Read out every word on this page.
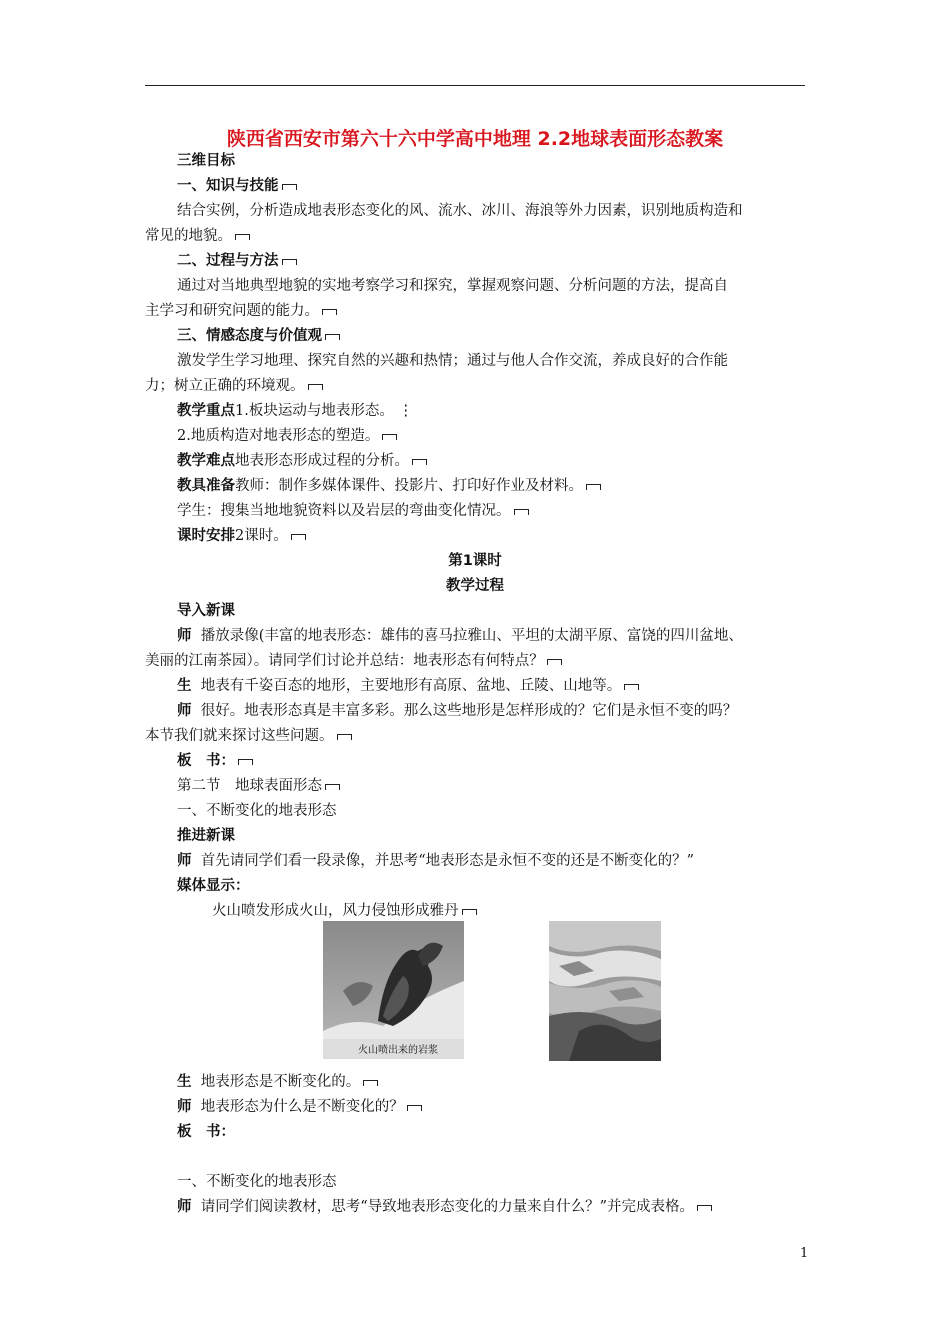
陕西省西安市第六十六中学高中地理 2.2地球表面形态教案
三维目标
一、知识与技能
结合实例，分析造成地表形态变化的风、流水、冰川、海浪等外力因素，识别地质构造和
常见的地貌。
二、过程与方法
通过对当地典型地貌的实地考察学习和探究，掌握观察问题、分析问题的方法，提高自
主学习和研究问题的能力。
三、情感态度与价值观
激发学生学习地理、探究自然的兴趣和热情；通过与他人合作交流，养成良好的合作能
力；树立正确的环境观。
教学重点1.板块运动与地表形态。 ⋮
2.地质构造对地表形态的塑造。
教学难点地表形态形成过程的分析。
教具准备教师：制作多媒体课件、投影片、打印好作业及材料。
学生：搜集当地地貌资料以及岩层的弯曲变化情况。
课时安排2课时。
第1课时
教学过程
导入新课
师 播放录像(丰富的地表形态：雄伟的喜马拉雅山、平坦的太湖平原、富饶的四川盆地、
美丽的江南茶园）。请同学们讨论并总结：地表形态有何特点？
生 地表有千姿百态的地形，主要地形有高原、盆地、丘陵、山地等。
师 很好。地表形态真是丰富多彩。那么这些地形是怎样形成的？它们是永恒不变的吗？
本节我们就来探讨这些问题。
板　书：
第二节　地球表面形态
一、不断变化的地表形态
推进新课
师 首先请同学们看一段录像，并思考“地表形态是永恒不变的还是不断变化的？”
媒体显示：
火山喷发形成火山，风力侵蚀形成雅丹
火山喷出来的岩浆
生 地表形态是不断变化的。
师 地表形态为什么是不断变化的？
板　书：
一、不断变化的地表形态
师 请同学们阅读教材，思考“导致地表形态变化的力量来自什么？”并完成表格。
1
